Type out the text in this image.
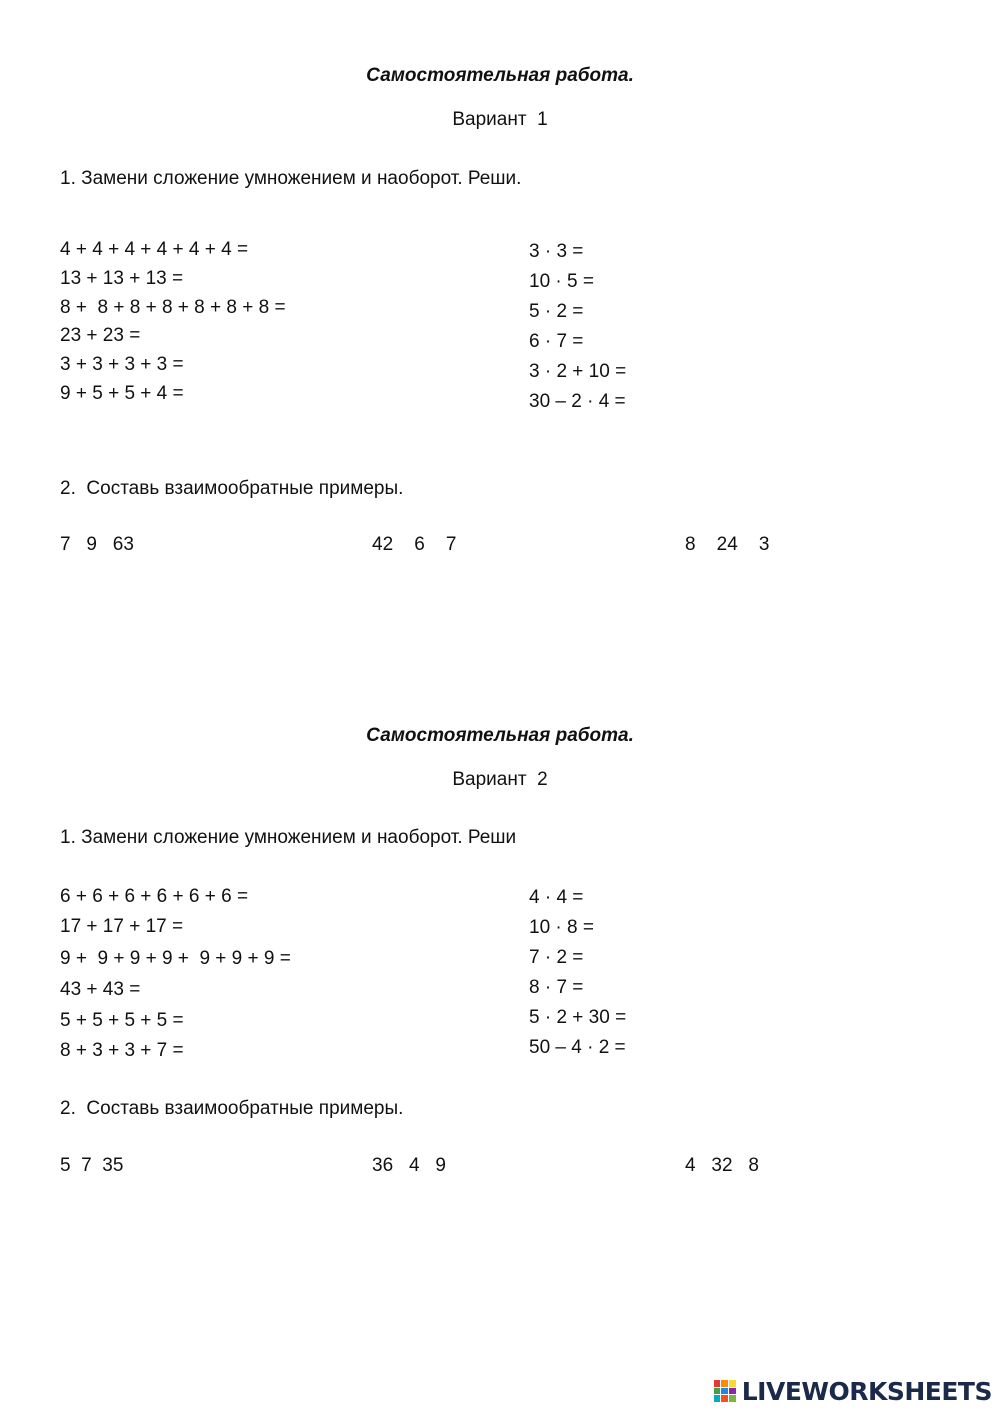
Самостоятельная работа.
Вариант  1
1. Замени сложение умножением и наоборот. Реши.
4 + 4 + 4 + 4 + 4 + 4 =
13 + 13 + 13 =
8 +  8 + 8 + 8 + 8 + 8 + 8 =
23 + 23 =
3 + 3 + 3 + 3 =
9 + 5 + 5 + 4 =
3 · 3 =
10 · 5 =
5 · 2 =
6 · 7 =
3 · 2 + 10 =
30 – 2 · 4 =
2.  Составь взаимообратные примеры.
7   9   63	42    6    7	8    24    3
Самостоятельная работа.
Вариант  2
1. Замени сложение умножением и наоборот. Реши
6 + 6 + 6 + 6 + 6 + 6 =
17 + 17 + 17 =
9 +  9 + 9 + 9 +  9 + 9 + 9 =
43 + 43 =
5 + 5 + 5 + 5 =
8 + 3 + 3 + 7 =
4 · 4 =
10 · 8 =
7 · 2 =
8 · 7 =
5 · 2 + 30 =
50 – 4 · 2 =
2.  Составь взаимообратные примеры.
5  7  35	36   4   9	4   32   8
LIVEWORKSHEETS
